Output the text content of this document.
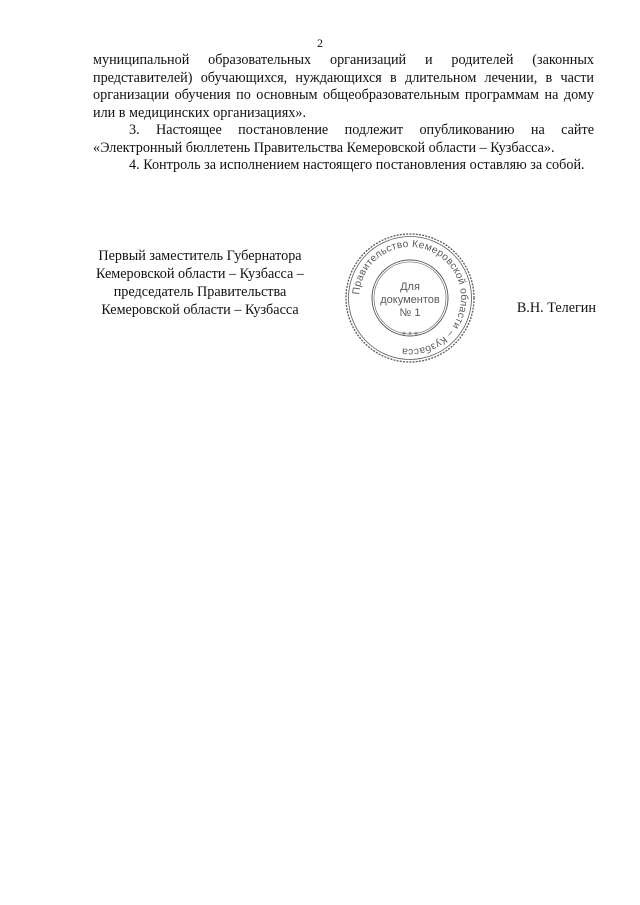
2

муниципальной образовательных организаций и родителей (законных представителей) обучающихся, нуждающихся в длительном лечении, в части организации обучения по основным общеобразовательным программам на дому или в медицинских организациях».

3. Настоящее постановление подлежит опубликованию на сайте «Электронный бюллетень Правительства Кемеровской области – Кузбасса».

4. Контроль за исполнением настоящего постановления оставляю за собой.

Первый заместитель Губернатора
Кемеровской области – Кузбасса –
председатель Правительства
Кемеровской области – Кузбасса
Правительство Кемеровской области – Кузбасса
* * *
Для
документов
№ 1	В.Н. Телегин
